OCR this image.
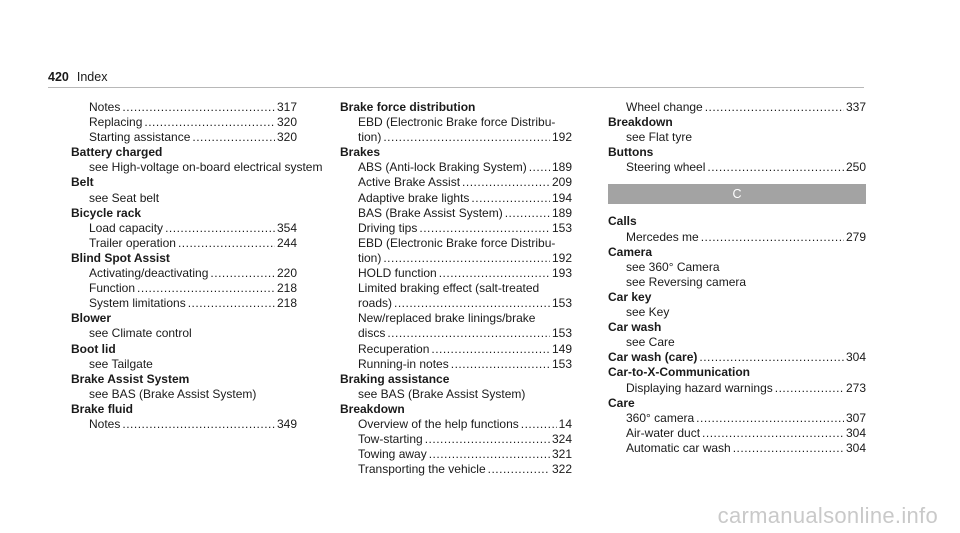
420 Index
Notes .....	317
Replacing .....	320
Starting assistance .....	320
Battery charged
see High-voltage on-board electrical system
Belt
see Seat belt
Bicycle rack
Load capacity .....	354
Trailer operation .....	244
Blind Spot Assist
Activating/deactivating .....	220
Function .....	218
System limitations .....	218
Blower
see Climate control
Boot lid
see Tailgate
Brake Assist System
see BAS (Brake Assist System)
Brake fluid
Notes .....	349
Brake force distribution
EBD (Electronic Brake force Distribu-
tion) .....	192
Brakes
ABS (Anti-lock Braking System) ..... 189
Active Brake Assist .....	209
Adaptive brake lights .....	194
BAS (Brake Assist System) .....	189
Driving tips .....	153
EBD (Electronic Brake force Distribu-
tion) .....	192
HOLD function .....	193
Limited braking effect (salt-treated
roads) .....	153
New/replaced brake linings/brake
discs .....	153
Recuperation .....	149
Running-in notes .....	153
Braking assistance
see BAS (Brake Assist System)
Breakdown
Overview of the help functions .....	14
Tow-starting .....	324
Towing away .....	321
Transporting the vehicle .....	322
Wheel change .....	337
Breakdown
see Flat tyre
Buttons
Steering wheel .....	250
C
Calls
Mercedes me .....	279
Camera
see 360° Camera
see Reversing camera
Car key
see Key
Car wash
see Care
Car wash (care) .....	304
Car-to-X-Communication
Displaying hazard warnings .....	273
Care
360° camera .....	307
Air-water duct .....	304
Automatic car wash .....	304
carmanualsonline.info
